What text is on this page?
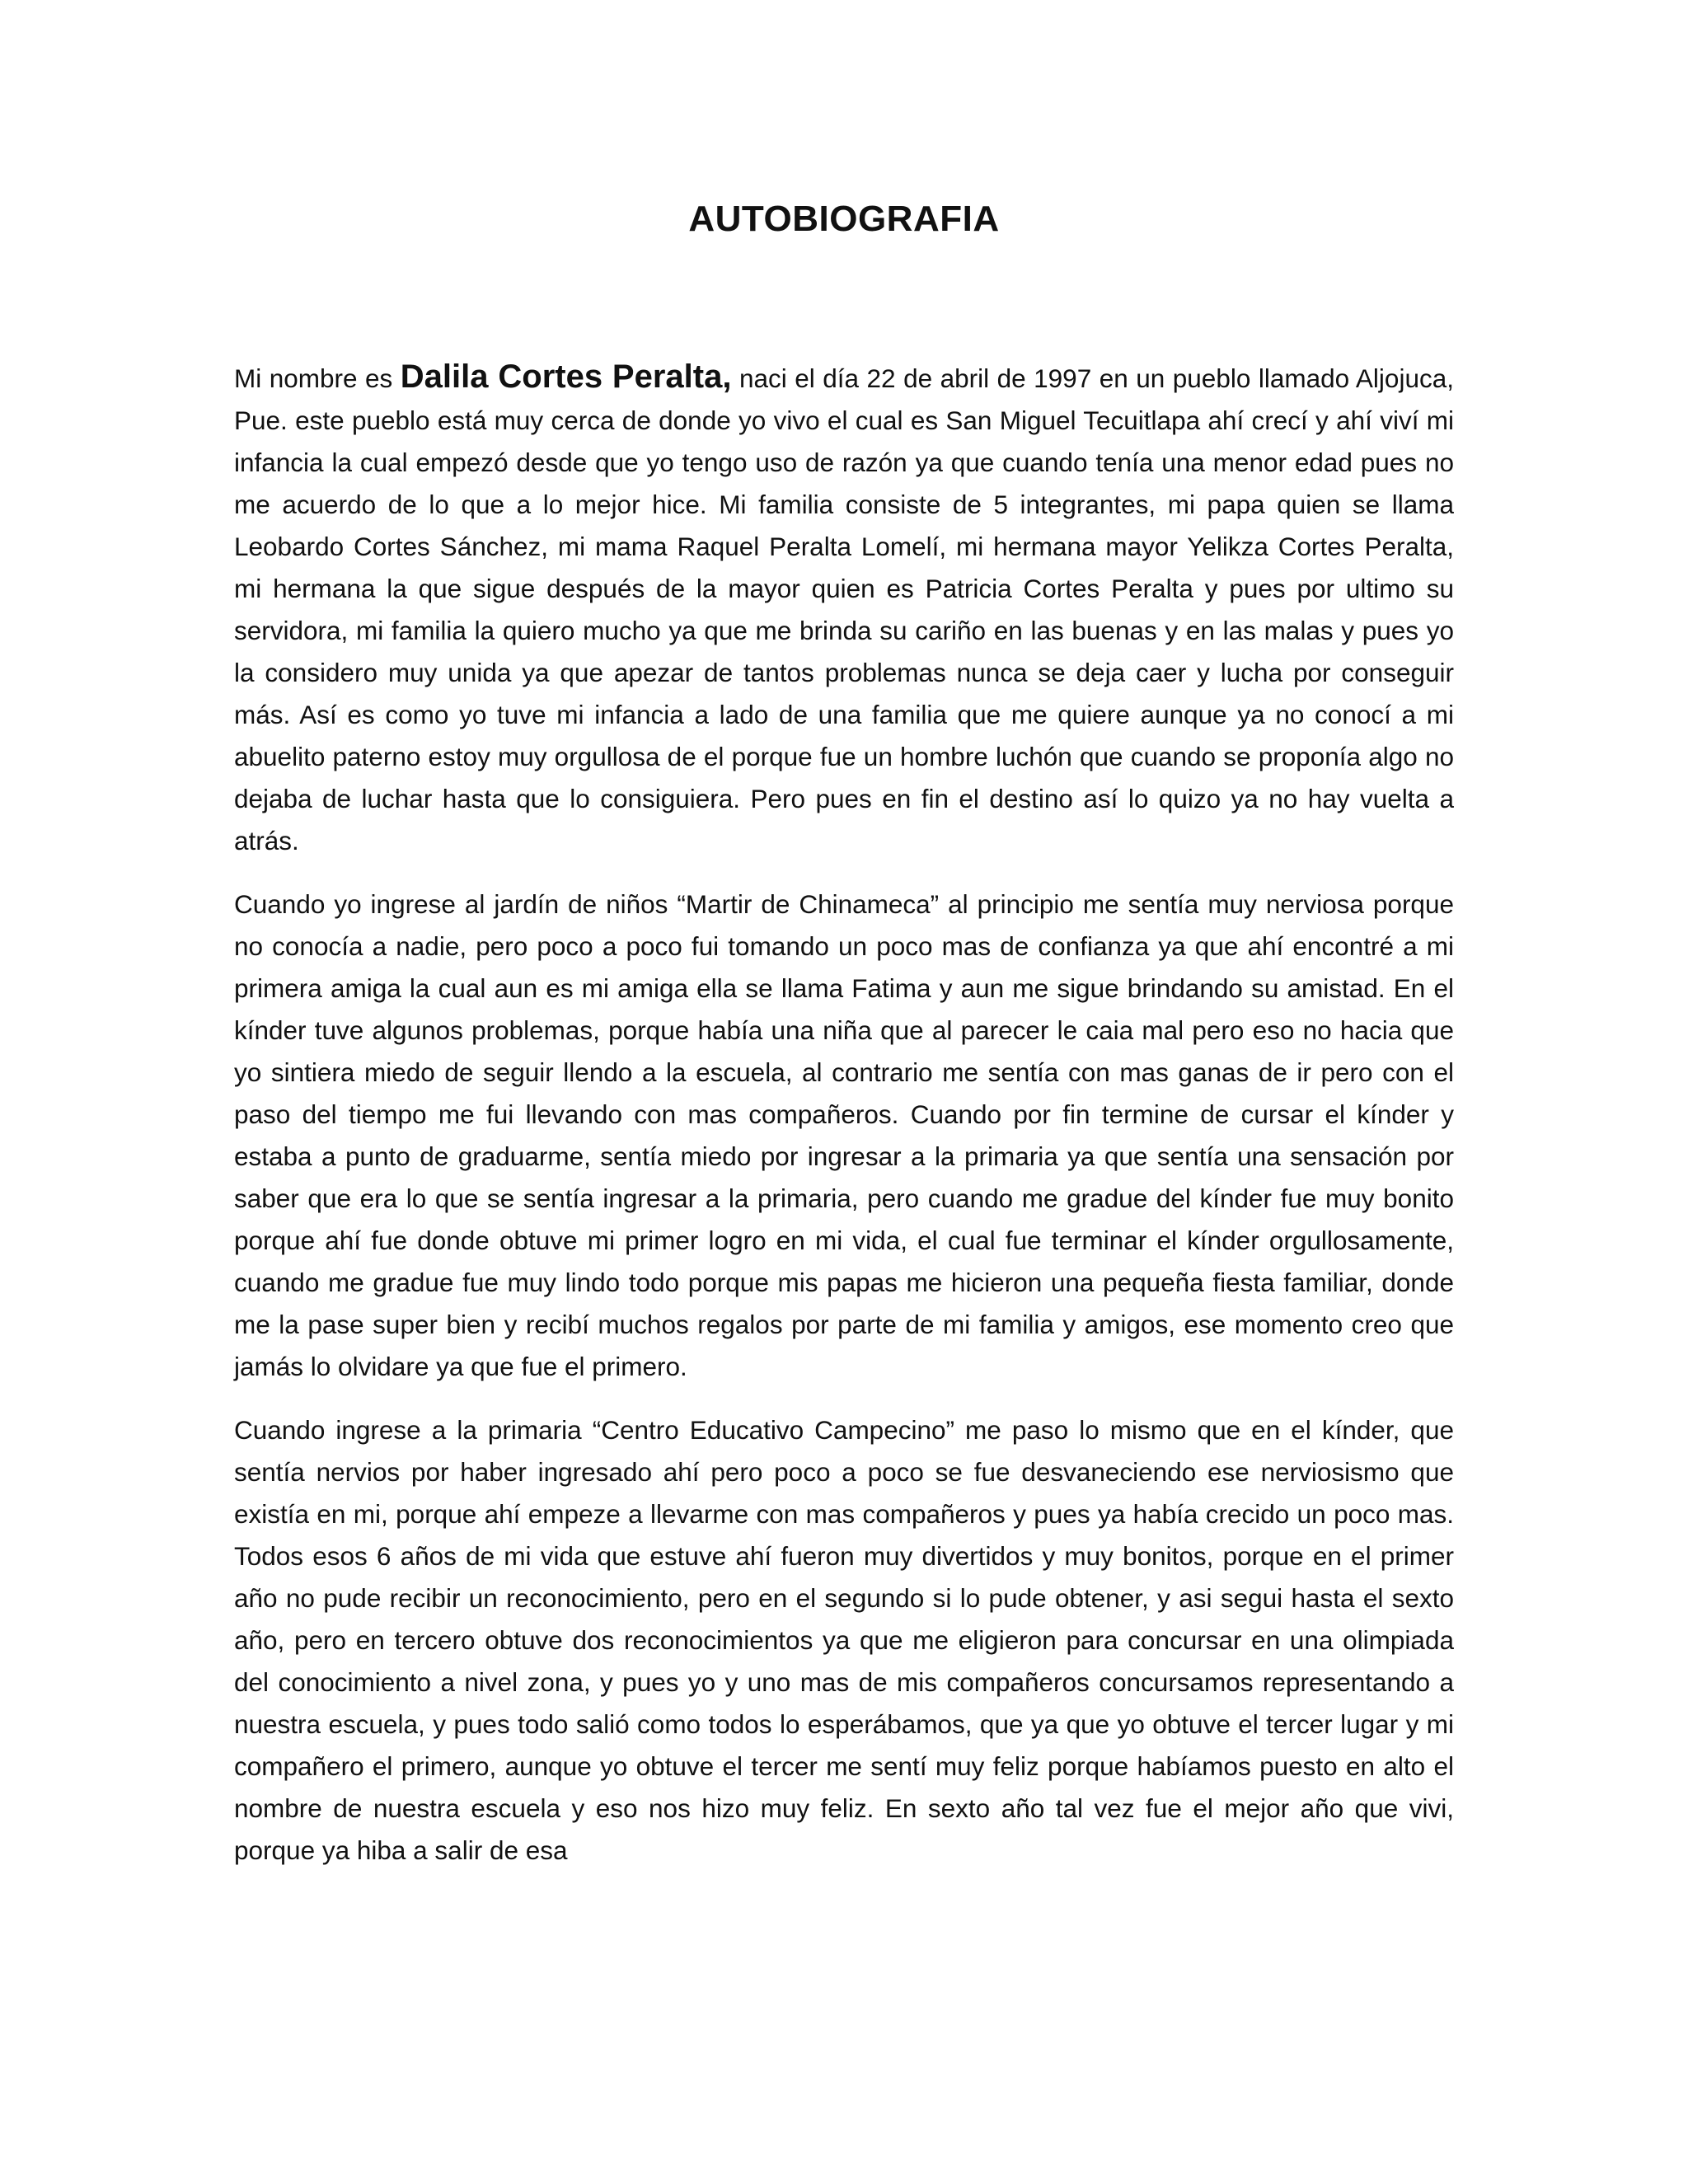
AUTOBIOGRAFIA

Mi nombre es Dalila Cortes Peralta, naci el día 22 de abril de 1997 en un pueblo llamado Aljojuca, Pue. este pueblo está muy cerca de donde yo vivo el cual es San Miguel Tecuitlapa ahí crecí y ahí viví mi infancia la cual empezó desde que yo tengo uso de razón ya que cuando tenía una menor edad pues no me acuerdo de lo que a lo mejor hice. Mi familia consiste de 5 integrantes, mi papa quien se llama Leobardo Cortes Sánchez, mi mama Raquel Peralta Lomelí, mi hermana mayor Yelikza Cortes Peralta, mi hermana la que sigue después de la mayor quien es Patricia Cortes Peralta y pues por ultimo su servidora, mi familia la quiero mucho ya que me brinda su cariño en las buenas y en las malas y pues yo la considero muy unida ya que apezar de tantos problemas nunca se deja caer y lucha por conseguir más. Así es como yo tuve mi infancia a lado de una familia que me quiere aunque ya no conocí a mi abuelito paterno estoy muy orgullosa de el porque fue un hombre luchón que cuando se proponía algo no dejaba de luchar hasta que lo consiguiera. Pero pues en fin el destino así lo quizo ya no hay vuelta a atrás.

Cuando yo ingrese al jardín de niños “Martir de Chinameca” al principio me sentía muy nerviosa porque no conocía a nadie, pero poco a poco fui tomando un poco mas de confianza ya que ahí encontré a mi primera amiga la cual aun es mi amiga ella se llama Fatima y aun me sigue brindando su amistad. En el kínder tuve algunos problemas, porque había una niña que al parecer le caia mal pero eso no hacia que yo sintiera miedo de seguir llendo a la escuela, al contrario me sentía con mas ganas de ir pero con el paso del tiempo me fui llevando con mas compañeros. Cuando por fin termine de cursar el kínder y estaba a punto de graduarme, sentía miedo por ingresar a la primaria ya que sentía una sensación por saber que era lo que se sentía ingresar a la primaria, pero cuando me gradue del kínder fue muy bonito porque ahí fue donde obtuve mi primer logro en mi vida, el cual fue terminar el kínder orgullosamente, cuando me gradue fue muy lindo todo porque mis papas me hicieron una pequeña fiesta familiar, donde me la pase super bien y recibí muchos regalos por parte de mi familia y amigos, ese momento creo que jamás lo olvidare ya que fue el primero.

Cuando ingrese a la primaria “Centro Educativo Campecino” me paso lo mismo que en el kínder, que sentía nervios por haber ingresado ahí pero poco a poco se fue desvaneciendo ese nerviosismo que existía en mi, porque ahí empeze a llevarme con mas compañeros y pues ya había crecido un poco mas. Todos esos 6 años de mi vida que estuve ahí fueron muy divertidos y muy bonitos, porque en el primer año no pude recibir un reconocimiento, pero en el segundo si lo pude obtener, y asi segui hasta el sexto año, pero en tercero obtuve dos reconocimientos ya que me eligieron para concursar en una olimpiada del conocimiento a nivel zona, y pues yo y uno mas de mis compañeros concursamos representando a nuestra escuela, y pues todo salió como todos lo esperábamos, que ya que yo obtuve el tercer lugar y mi compañero el primero, aunque yo obtuve el tercer me sentí muy feliz porque habíamos puesto en alto el nombre de nuestra escuela y eso nos hizo muy feliz. En sexto año tal vez fue el mejor año que vivi, porque ya hiba a salir de esa
